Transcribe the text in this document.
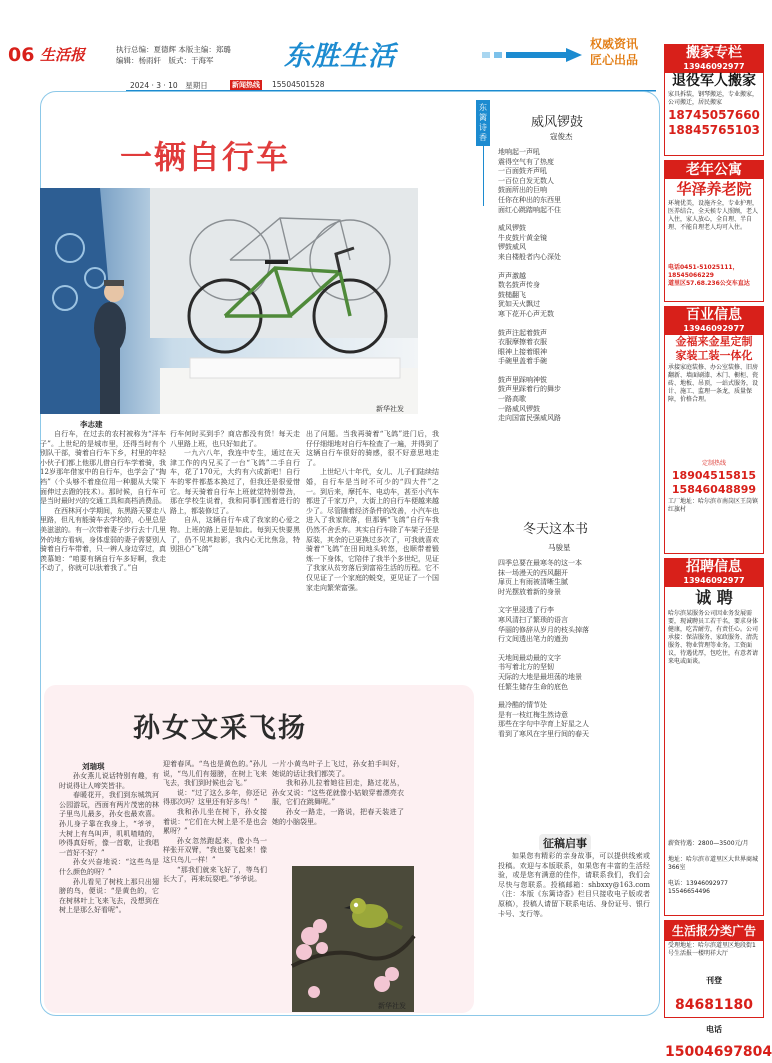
06 生活报	执行总编：夏德辉 本版主编：郑璐
编辑：杨雨轩　版式：于海军	东胜生活	权威资讯
匠心出品
2024 · 3 · 10　星期日	新闻热线 15504501528
一辆自行车
新华社发
李志建

自行车，在过去的农村被称为“洋车子”。上世纪的是城市里，还得当时有个别队干部，骑着自行车下乡，村里的年轻小伙子们都上他那儿借自行车学着骑，我12岁那年借家中的自行车，也学会了“掏裆”（个头够不着座位用一种腿从大梁下面伸过去蹬的技术）。那时候，自行车可是当时最时兴的交通工具和高档消费品。

在西林河小学期间，东黑路天要走八里路，但凡有能骑车去学校的，心里总是美滋滋的。有一次带着妻子步行去十几里外的地方看病，身体虚弱的妻子需要别人骑着自行车带着，只一辨人身边穿过，真羡慕她：“咱要有辆自行车多好啊，我走不动了，你就可以驮着我了。”自

行车何时买到手？商店都没有货！每天走八里路上班，也只好如此了。

一九六八年，我连中专生，通过在天津工作的内兄买了一台“飞鸽”二手自行车，花了170元，大约有六成新吧！自行车的零件都基本换过了，但我还是很爱惜它。每天骑着自行车上班就觉特别带劲，那在学校生说着，我和同事们围着进行的路上，都装修过了。

自从，这辆自行车成了我家的心爱之物。上班的路上更是如此。每到天快要黑了，仍不见其踪影，我内心无比焦急，特别担心“飞鸽”

出了问题。当我再骑着“飞鸽”进门后，我仔仔细细地对自行车检查了一遍，并得到了这辆自行车很好的骑感，很不好意思地走了。

上世纪八十年代，女儿、儿子们陆续结婚，自行车是当时不可少的“四大件”之一。到后来，摩托车、电动车，甚至小汽车都进了千家万户，大街上的自行车便越来越少了。尽管随着经济条件的改善，小汽车也进入了我家院落，但那辆“飞鸽”自行车我仍然不舍丢弃。其实自行车除了车架子还是原装，其余的已更换过多次了，可我就喜欢骑着“飞鸽”在田间地头转悠，也顺带着锻炼一下身体，它陪伴了我半个多世纪，见证了我家从贫穷落后到富裕生活的历程。它不仅见证了一个家庭的蜕变，更见证了一个国家走向繁荣富强。

东篱诗香
威风锣鼓
寇俊杰
地响起一声吼
震得空气有了热度
一百面鼓齐声吼
一百位白发无数人
鼓面所出的巨响
任你在种出的东西里
面红心跳踏响起不住
威风锣鼓
牛皮鼓片黄金镜
锣鼓威风
来自楼般者内心深处
声声激越
数名鼓声传身
鼓槌翻飞
犹如天火飘过
寒下花开心声无数
鼓声注起着鼓声
衣服摩擦着衣服
眼神上接着眼神
手碗里盖着手碗
鼓声里踩响神钹
鼓声里踩着行的舞步
一路高歌
一路威风锣鼓
走向国富民强威风路
冬天这本书
马骏星
四季总要在最寒冬的这一本
抹一场漫天的西风翻开
扉页上有雨被清晰生腻
时光摆放着新的身景
文字里浸透了行李
寒风清扫了繁琐的语言
华丽的修辞从岁月的枝头掉落
行文间透出笔力的遒劲
天地间最动最的文字
书写着北方的坚韧
天际的大地是最坦荡的地景
任繁生储存生命的底色
最冷酷的情节处
是有一枝红梅生然诗意
那些在字句中孕育上好星之人
看到了寒风在字里行间的春天
孙女文采飞扬
刘瑞琪

孙女燕儿说话特别有趣，有时说得让人啼笑皆非。

春暖花开，我们到东城筑河公园游玩，西面有两片茂密的林子里鸟儿最多，孙女也最欢喜。孙儿身子靠在我身上，“爷爷，大树上有鸟叫声，叽叽喳喳的，吵得真好听，像一首歌，让我唱一首好不好？”

孙女兴奋地说：“这些鸟是什么颜色的呀？”

孙儿看见了树枝上那只出翅膀的鸟，便说：“是黄色的，它在树林叶上飞来飞去，没想到在树上是那么好看呢”。

迎着春风。“鸟也是黄色的。”孙儿说，“鸟儿们有翅膀，在树上飞来飞去，我们到时候也会飞。”

说：“过了这么多年，你还记得那次吗？这里还有好多鸟！”

我和孙儿坐在树下，孙女接着说：“它们在大树上是不是也会累呀？”

孙女忽然跑起来，像小鸟一样张开双臂，“我也要飞起来！像这只鸟儿一样！”

“那我们就来飞好了，等鸟们长大了，再来玩耍吧。”爷爷说。

一片小黄鸟叶子上飞过，孙女拍手叫好，她说的话让我们都笑了。

我和孙儿拉着她往回走，路过花丛，孙女又说：“这些花就像小姑娘穿着漂亮衣服，它们在跳舞呢。”

孙女一路走，一路说，把春天装进了她的小脑袋里。

新华社发
征稿启事

如果您有精彩的亲身故事，可以提供线索或投稿。欢迎与本版联系，如果您有丰富的生活经验，或是您有满意的佳作，请联系我们，我们会尽快与您联系。投稿邮箱：shbxxy@163.com（注：本版《东篱诗香》栏目只接收电子版或者原稿），投稿人请留下联系电话、身份证号、银行卡号、支行等。

搬家专栏
13946092977
退役军人搬家
家具拆装，钢琴搬运，专业搬家，公司搬迁，居民搬家
18745057660
18845765103
老年公寓
华泽养老院
环境优美，设施齐全，专业护理，医养结合，全天候专人照顾，老人入住，家人放心，全自理、半自理、不能自理老人均可入住。
电话0451-51025111，18545066229
道里区57.68.236公交车直达
百业信息
13946092977
金福来金星定制
家装工装一体化
承接家庭装修、办公室装修、旧房翻新、墙面刷漆、木门、橱柜、瓷砖、地板、吊顶，一站式服务，设计、施工、监理一条龙，质量保障，价格合理。
定制热线
18904515815
15846048899
工厂地址：哈尔滨市南岗区王岗镇红旗村
招聘信息
13946092977
诚 聘
哈尔滨某服务公司因业务发展需要，现诚聘员工若干名，要求身体健康，吃苦耐劳，有责任心。公司承接：保洁服务、家政服务、清洗服务、物业管理等业务。工资面议，待遇优厚，包吃住，有意者请来电或面谈。
薪资待遇：2800—3500元/月
地址：哈尔滨市道里区大世界商城366室
电话：13946092977 15546654496
生活报分类广告
受理地址：哈尔滨道里区地段街1号生活报一楼明祥大厅
刊登 84681180
电话 15004697804
